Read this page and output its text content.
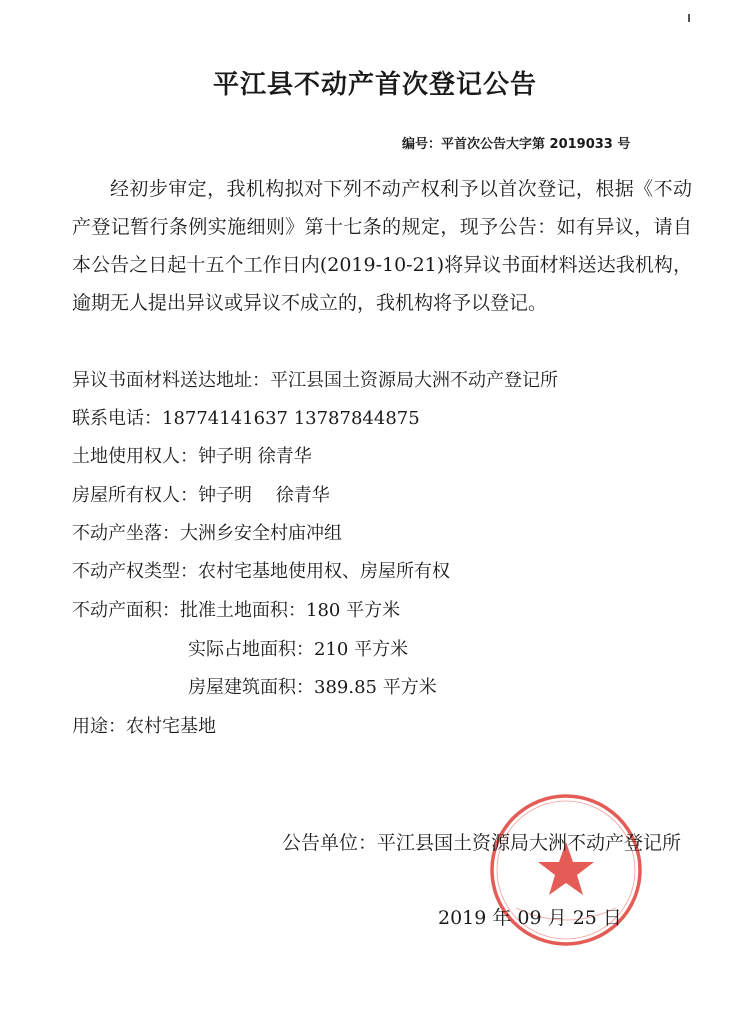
平江县不动产首次登记公告
编号：平首次公告大字第 2019033 号
经初步审定，我机构拟对下列不动产权利予以首次登记，根据《不动产登记暂行条例实施细则》第十七条的规定，现予公告：如有异议，请自本公告之日起十五个工作日内(2019-10-21)将异议书面材料送达我机构，逾期无人提出异议或异议不成立的，我机构将予以登记。
异议书面材料送达地址：平江县国土资源局大洲不动产登记所
联系电话：18774141637 13787844875
土地使用权人：钟子明 徐青华
房屋所有权人：钟子明　 徐青华
不动产坐落：大洲乡安全村庙冲组
不动产权类型：农村宅基地使用权、房屋所有权
不动产面积：批准土地面积：180 平方米
实际占地面积：210 平方米
房屋建筑面积：389.85 平方米
用途：农村宅基地
公告单位：平江县国土资源局大洲不动产登记所
2019 年 09 月 25 日
